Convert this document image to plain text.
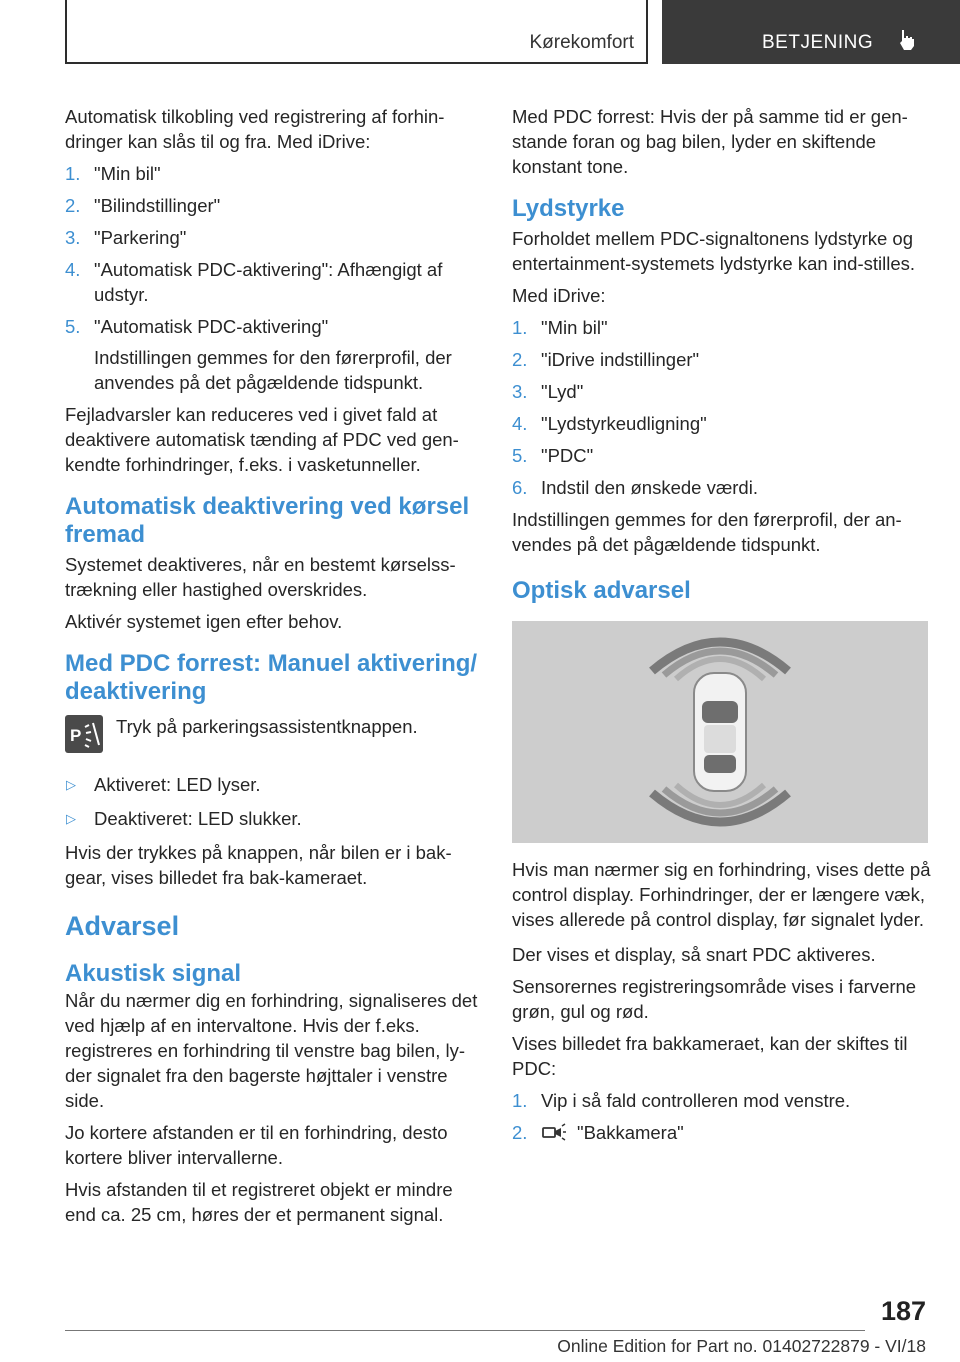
Kørekomfort	BETJENING

Automatisk tilkobling ved registrering af forhin-dringer kan slås til og fra. Med iDrive:

1. "Min bil"
2. "Bilindstillinger"
3. "Parkering"
4. "Automatisk PDC-aktivering": Afhængigt af udstyr.
5. "Automatisk PDC-aktivering"
Indstillingen gemmes for den førerprofil, der anvendes på det pågældende tidspunkt.

Fejladvarsler kan reduceres ved i givet fald at deaktivere automatisk tænding af PDC ved gen-kendte forhindringer, f.eks. i vasketunneller.

Automatisk deaktivering ved kørsel fremad

Systemet deaktiveres, når en bestemt kørselss-trækning eller hastighed overskrides.

Aktivér systemet igen efter behov.

Med PDC forrest: Manuel aktivering/ deaktivering
P Tryk på parkeringsassistentknappen.
▷ Aktiveret: LED lyser.
▷ Deaktiveret: LED slukker.

Hvis der trykkes på knappen, når bilen er i bak-gear, vises billedet fra bak-kameraet.

Advarsel
Akustisk signal

Når du nærmer dig en forhindring, signaliseres det ved hjælp af en intervaltone. Hvis der f.eks. registreres en forhindring til venstre bag bilen, ly-der signalet fra den bagerste højttaler i venstre side.

Jo kortere afstanden er til en forhindring, desto kortere bliver intervallerne.

Hvis afstanden til et registreret objekt er mindre end ca. 25 cm, høres der et permanent signal.

Med PDC forrest: Hvis der på samme tid er gen-stande foran og bag bilen, lyder en skiftende konstant tone.

Lydstyrke

Forholdet mellem PDC-signaltonens lydstyrke og entertainment-systemets lydstyrke kan ind-stilles.

Med iDrive:

1. "Min bil"
2. "iDrive indstillinger"
3. "Lyd"
4. "Lydstyrkeudligning"
5. "PDC"
6. Indstil den ønskede værdi.

Indstillingen gemmes for den førerprofil, der an-vendes på det pågældende tidspunkt.

Optisk advarsel

Hvis man nærmer sig en forhindring, vises dette på control display. Forhindringer, der er længere væk, vises allerede på control display, før signalet lyder.

Der vises et display, så snart PDC aktiveres.

Sensorernes registreringsområde vises i farverne grøn, gul og rød.

Vises billedet fra bakkameraet, kan der skiftes til PDC:

1. Vip i så fald controlleren mod venstre.
2.	"Bakkamera"
187
Online Edition for Part no. 01402722879 - VI/18
